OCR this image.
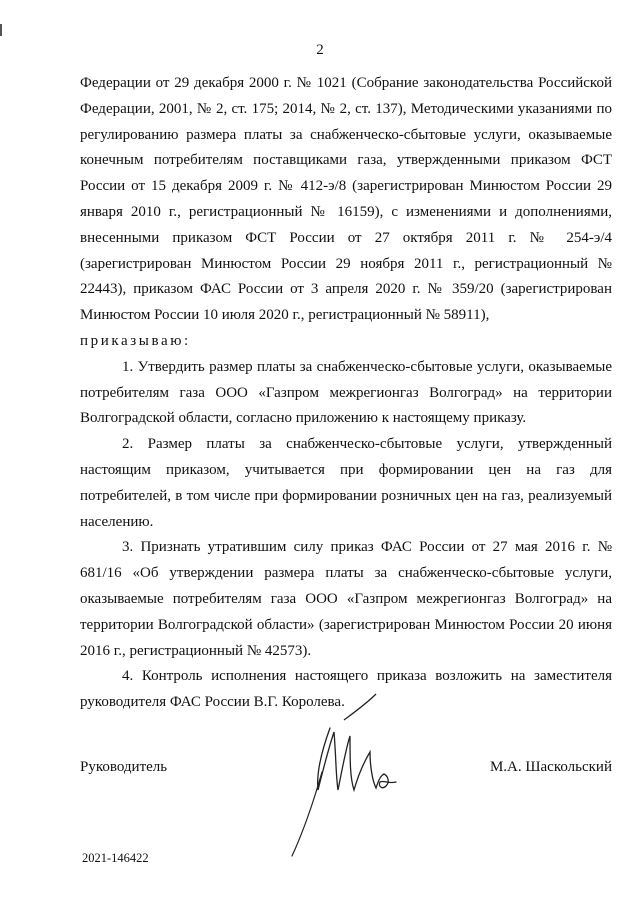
2

Федерации от 29 декабря 2000 г. № 1021 (Собрание законодательства Российской Федерации, 2001, № 2, ст. 175; 2014, № 2, ст. 137), Методическими указаниями по регулированию размера платы за снабженческо-сбытовые услуги, оказываемые конечным потребителям поставщиками газа, утвержденными приказом ФСТ России от 15 декабря 2009 г. № 412-э/8 (зарегистрирован Минюстом России 29 января 2010 г., регистрационный № 16159), с изменениями и дополнениями, внесенными приказом ФСТ России от 27 октября 2011 г. № 254-э/4 (зарегистрирован Минюстом России 29 ноября 2011 г., регистрационный № 22443), приказом ФАС России от 3 апреля 2020 г. № 359/20 (зарегистрирован Минюстом России 10 июля 2020 г., регистрационный № 58911),

приказываю:

1. Утвердить размер платы за снабженческо-сбытовые услуги, оказываемые потребителям газа ООО «Газпром межрегионгаз Волгоград» на территории Волгоградской области, согласно приложению к настоящему приказу.

2. Размер платы за снабженческо-сбытовые услуги, утвержденный настоящим приказом, учитывается при формировании цен на газ для потребителей, в том числе при формировании розничных цен на газ, реализуемый населению.

3. Признать утратившим силу приказ ФАС России от 27 мая 2016 г. № 681/16 «Об утверждении размера платы за снабженческо-сбытовые услуги, оказываемые потребителям газа ООО «Газпром межрегионгаз Волгоград» на территории Волгоградской области» (зарегистрирован Минюстом России 20 июня 2016 г., регистрационный № 42573).

4. Контроль исполнения настоящего приказа возложить на заместителя руководителя ФАС России В.Г. Королева.

Руководитель	М.А. Шаскольский
2021-146422
